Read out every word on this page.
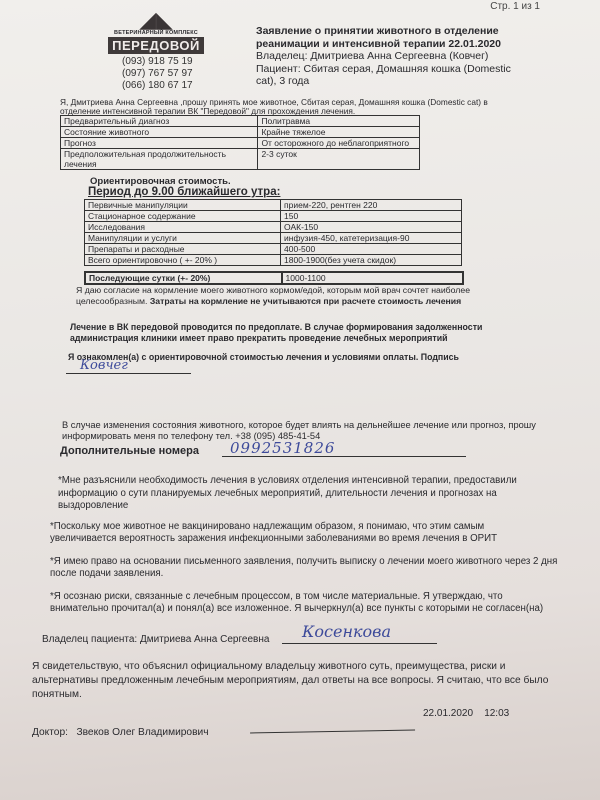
Стр. 1 из 1
◢◣
ВЕТЕРИНАРНЫЙ КОМПЛЕКС
ПЕРЕДОВОЙ
(093) 918 75 19
(097) 767 57 97
(066) 180 67 17
Заявление о принятии животного в отделение
реанимации и интенсивной терапии 22.01.2020
Владелец: Дмитриева Анна Сергеевна (Ковчег)
Пациент: Сбитая серая, Домашняя кошка (Domestic
cat), 3 года
Я, Дмитриева Анна Сергеевна ,прошу принять мое животное, Сбитая серая, Домашняя кошка (Domestic cat) в
отделение интенсивной терапии ВК "Передовой" для прохождения лечения.
Предварительный диагноз	Политравма
Состояние животного	Крайне тяжелое
Прогноз	От осторожного до неблагоприятного
Предположительная продолжительность лечения	2-3 суток
Ориентировочная стоимость.
Период до 9.00 ближайшего утра:
Первичные манипуляции	прием-220, рентген 220
Стационарное содержание	150
Исследования	ОАК-150
Манипуляции и услуги	инфузия-450, катетеризация-90
Препараты и расходные	400-500
Всего ориентировочно ( +- 20% )	1800-1900(без учета скидок)
Последующие сутки (+- 20%)	1000-1100
Я даю согласие на кормление моего животного кормом/едой, которым мой врач сочтет наиболее целесообразным. Затраты на кормление не учитываются при расчете стоимость лечения
Лечение в ВК передовой проводится по предоплате. В случае формирования задолженности
администрация клиники имеет право прекратить проведение лечебных мероприятий
Я ознакомлен(а) с ориентировочной стоимостью лечения и условиями оплаты. Подпись
Ковчег
В случае изменения состояния животного, которое будет влиять на дельнейшее лечение или прогноз, прошу
информировать меня по телефону тел. +38 (095) 485-41-54
Дополнительные номера 0992531826
*Мне разъяснили необходимость лечения в условиях отделения интенсивной терапии, предоставили
информацию о сути планируемых лечебных мероприятий, длительности лечения и прогнозах на
выздоровление
*Поскольку мое животное не вакцинировано надлежащим образом, я понимаю, что этим самым
увеличивается вероятность заражения инфекционными заболеваниями во время лечения в ОРИТ
*Я имею право на основании письменного заявления, получить выписку о лечении моего животного через 2 дня
после подачи заявления.
*Я осознаю риски, связанные с лечебным процессом, в том числе материальные. Я утверждаю, что
внимательно прочитал(а) и понял(а) все изложенное. Я вычеркнул(а) все пункты с которыми не согласен(на)
Владелец пациента: Дмитриева Анна Сергеевна Косенкова
Я свидетельствую, что объяснил официальному владельцу животного суть, преимущества, риски и
альтернативы предложенным лечебным мероприятиям, дал ответы на все вопросы. Я считаю, что все было
понятным.
22.01.2020 12:03
Доктор: Звеков Олег Владимирович
